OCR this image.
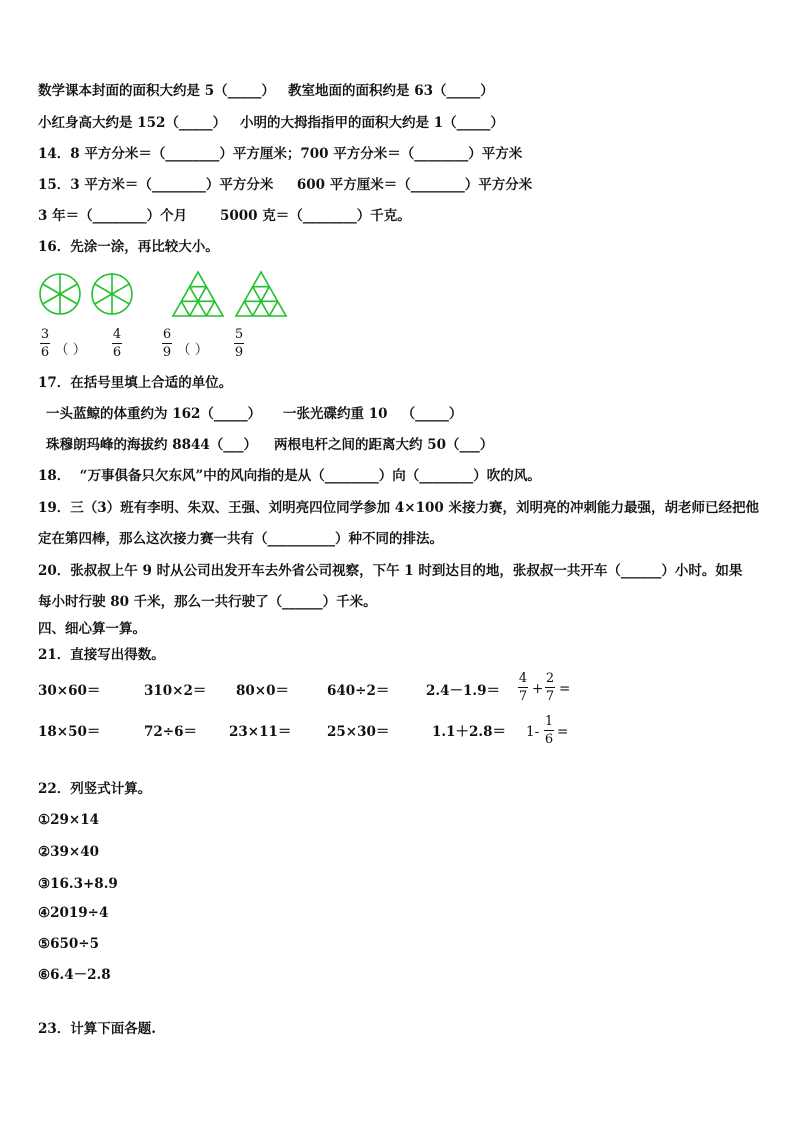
数学课本封面的面积大约是 5（_____） 教室地面的面积约是 63（_____）
小红身高大约是 152（_____） 小明的大拇指指甲的面积大约是 1（_____）
14．8 平方分米＝（________）平方厘米；700 平方分米＝（________）平方米
15．3 平方米＝（________）平方分米     600 平方厘米＝（________）平方分米
3 年＝（________）个月       5000 克＝（________）千克。
16．先涂一涂，再比较大小。
3
6 （ ）
4
6
6
9 （ ）
5
9
17．在括号里填上合适的单位。
一头蓝鲸的体重约为 162（_____） 一张光碟约重 10   （_____）
珠穆朗玛峰的海拔约 8844（___） 两根电杆之间的距离大约 50（___）
18．  “万事俱备只欠东风”中的风向指的是从（________）向（________）吹的风。
19．三（3）班有李明、朱双、王强、刘明亮四位同学参加 4×100 米接力赛，刘明亮的冲刺能力最强，胡老师已经把他
定在第四棒，那么这次接力赛一共有（__________）种不同的排法。
20．张叔叔上午 9 时从公司出发开车去外省公司视察，下午 1 时到达目的地，张叔叔一共开车（______）小时。如果
每小时行驶 80 千米，那么一共行驶了（______）千米。
四、细心算一算。
21．直接写出得数。
30×60＝	310×2＝ 80×0＝	640÷2＝	2.4－1.9＝
4
7 +
2
7 =
18×50＝	72÷6＝ 23×11＝	25×30＝	1.1＋2.8＝ 1-
1
6 =
22．列竖式计算。
①29×14
②39×40
③16.3+8.9
④2019÷4
⑤650÷5
⑥6.4－2.8
23．计算下面各题.
